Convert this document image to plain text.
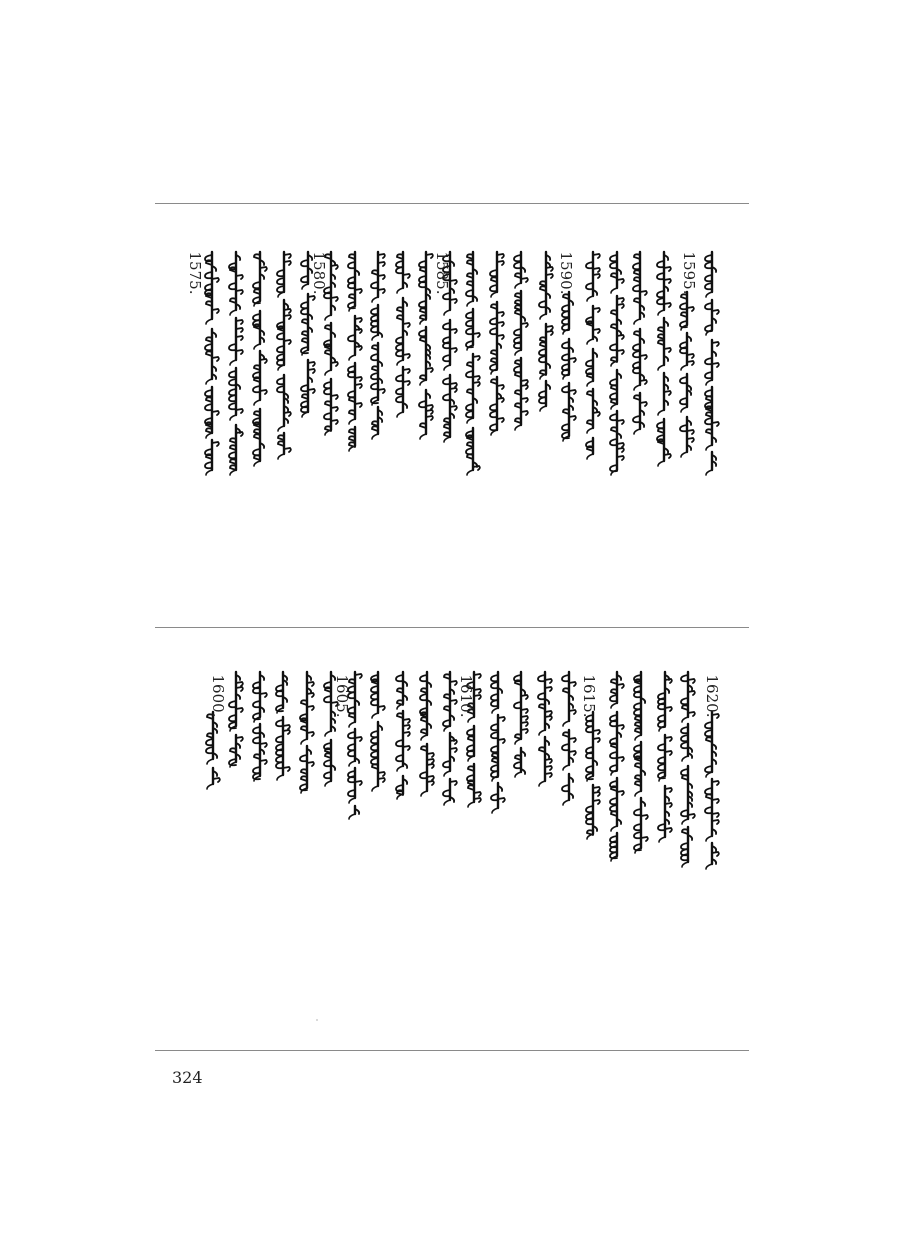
1595.
1590.
1585.
1580.
1575.
1620.
1615.
1610.
1605.
1600.
324
